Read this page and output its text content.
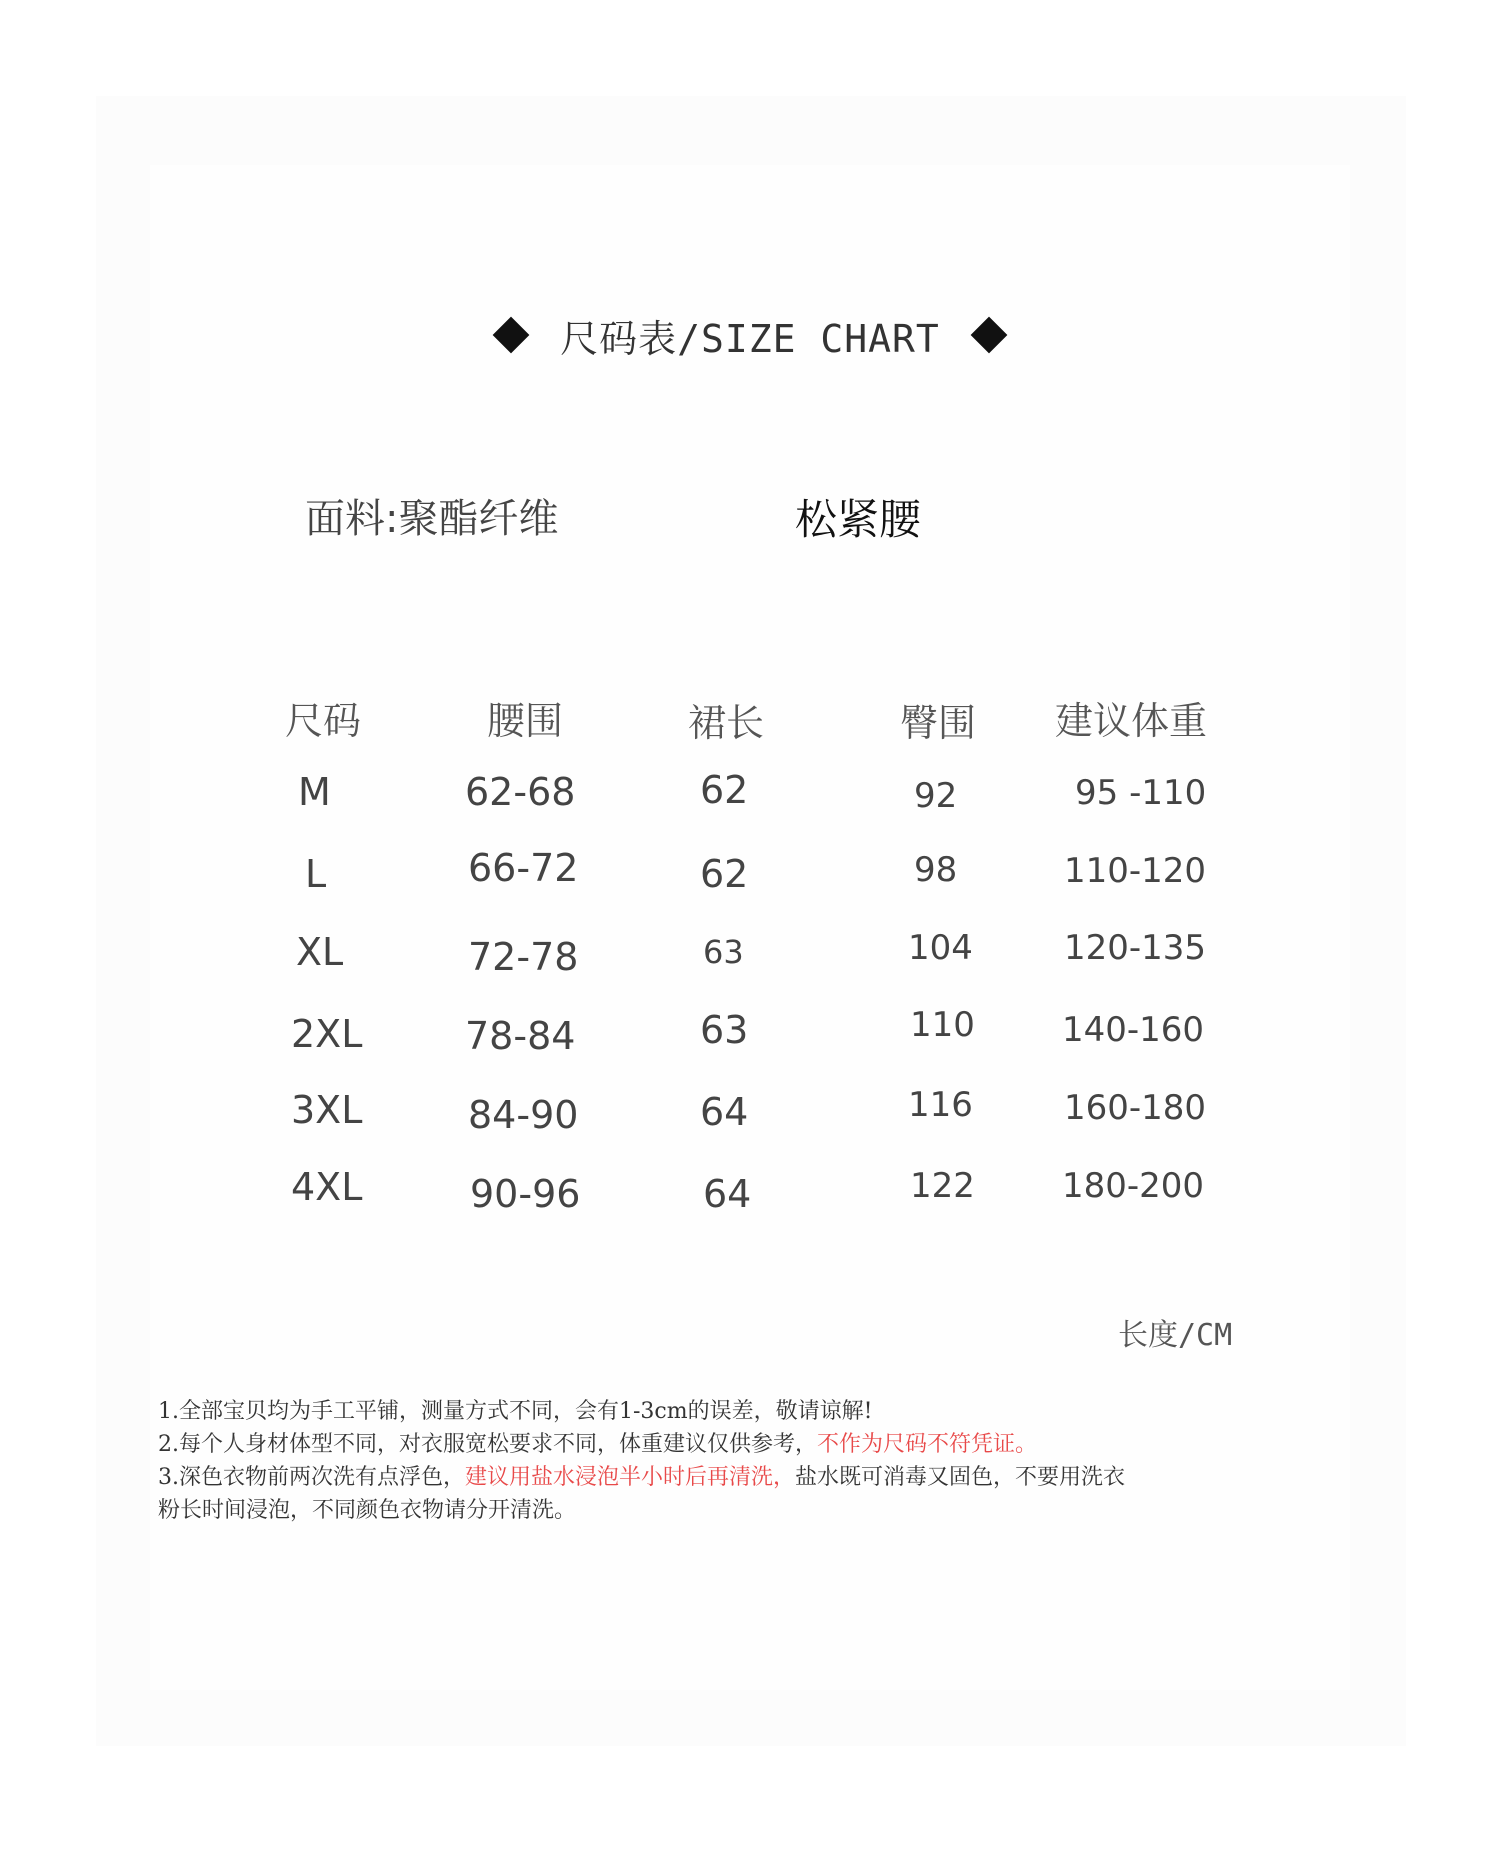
尺码表/SIZE CHART
面料:聚酯纤维	松紧腰
尺码	腰围	裙长	臀围 建议体重
M	62-68	62	92	95 -110
L	66-72	62	98	110-120
XL	72-78	63	104	120-135
2XL	78-84	63	110	140-160
3XL	84-90	64	116	160-180
4XL	90-96	64	122	180-200
长度/CM
1.全部宝贝均为手工平铺，测量方式不同，会有1-3cm的误差，敬请谅解!
2.每个人身材体型不同，对衣服宽松要求不同，体重建议仅供参考，不作为尺码不符凭证。
3.深色衣物前两次洗有点浮色，建议用盐水浸泡半小时后再清洗，盐水既可消毒又固色，不要用洗衣
粉长时间浸泡，不同颜色衣物请分开清洗。
